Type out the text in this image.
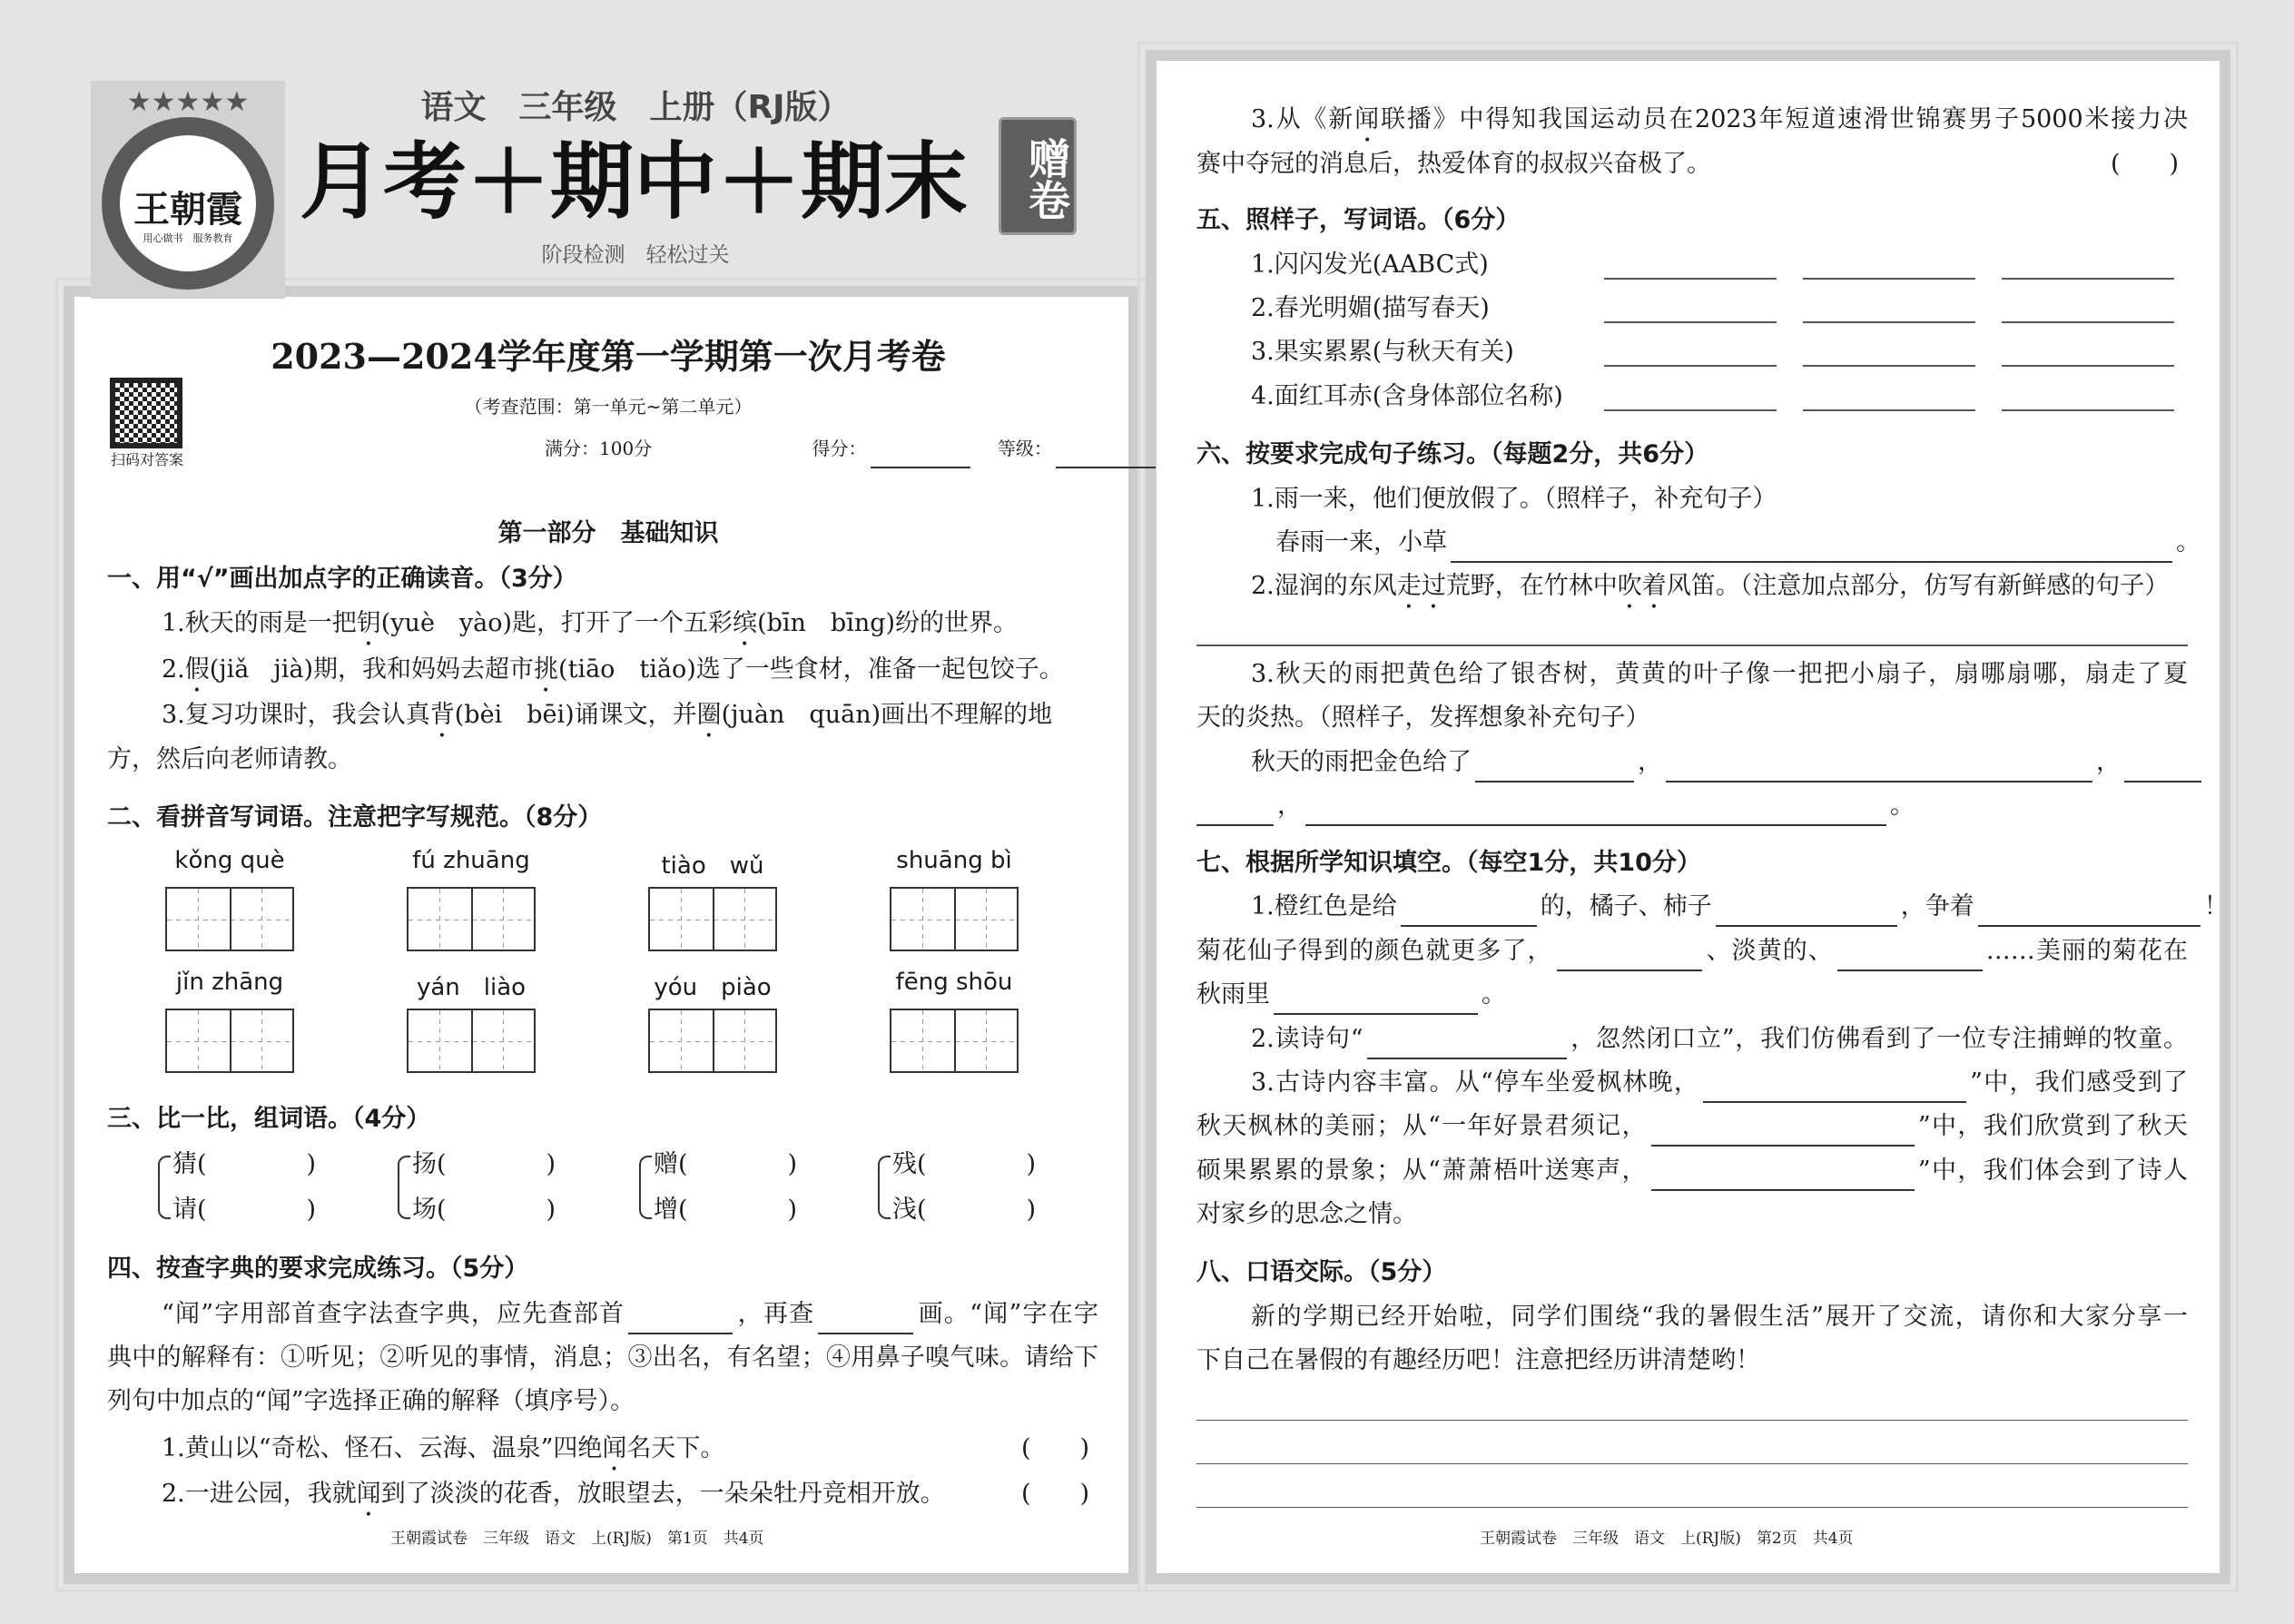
★★★★★
王朝霞
用心做书　服务教育
语文　三年级　上册（RJ版）
月考＋期中＋期末	赠卷
阶段检测　轻松过关
2023—2024学年度第一学期第一次月考卷
扫码对答案
（考查范围：第一单元~第二单元）
满分：100分	得分：	等级：
第一部分　基础知识
一、用“√”画出加点字的正确读音。（3分）
1.秋天的雨是一把钥(yuè　yào)匙，打开了一个五彩缤(bīn　bīng)纷的世界。
2.假(jiǎ　jià)期，我和妈妈去超市挑(tiāo　tiǎo)选了一些食材，准备一起包饺子。
3.复习功课时，我会认真背(bèi　bēi)诵课文，并圈(juàn　quān)画出不理解的地
方，然后向老师请教。
二、看拼音写词语。注意把字写规范。（8分）
kǒng què	fú zhuāng	tiào　wǔ	shuāng bì
jǐn zhāng	yán　liào	yóu　piào	fēng shōu
三、比一比，组词语。（4分）
猜(	)
请(	)
扬(	)
场(	)
赠(	)
增(	)
残(	)
浅(	)
四、按查字典的要求完成练习。（5分）
“闻”字用部首查字法查字典，应先查部首	，再查	画。“闻”字在字
典中的解释有：①听见；②听见的事情，消息；③出名，有名望；④用鼻子嗅气味。请给下
列句中加点的“闻”字选择正确的解释（填序号）。
1.黄山以“奇松、怪石、云海、温泉”四绝闻名天下。	(　　)
2.一进公园，我就闻到了淡淡的花香，放眼望去，一朵朵牡丹竞相开放。	(　　)
王朝霞试卷　三年级　语文　上(RJ版)　第1页　共4页
3.从《新闻联播》中得知我国运动员在2023年短道速滑世锦赛男子5000米接力决
赛中夺冠的消息后，热爱体育的叔叔兴奋极了。	(　　)
五、照样子，写词语。（6分）
1.闪闪发光(AABC式)
2.春光明媚(描写春天)
3.果实累累(与秋天有关)
4.面红耳赤(含身体部位名称)
六、按要求完成句子练习。（每题2分，共6分）
1.雨一来，他们便放假了。（照样子，补充句子）
春雨一来，小草	。
2.湿润的东风走过荒野，在竹林中吹着风笛。（注意加点部分，仿写有新鲜感的句子）
3.秋天的雨把黄色给了银杏树，黄黄的叶子像一把把小扇子，扇哪扇哪，扇走了夏
天的炎热。（照样子，发挥想象补充句子）
秋天的雨把金色给了	，	，
，	。
七、根据所学知识填空。（每空1分，共10分）
1.橙红色是给	的，橘子、柿子	，争着	！
菊花仙子得到的颜色就更多了，	、淡黄的、	……美丽的菊花在
秋雨里	。
2.读诗句“	，忽然闭口立”，我们仿佛看到了一位专注捕蝉的牧童。
3.古诗内容丰富。从“停车坐爱枫林晚，	”中，我们感受到了
秋天枫林的美丽；从“一年好景君须记，	”中，我们欣赏到了秋天
硕果累累的景象；从“萧萧梧叶送寒声，	”中，我们体会到了诗人
对家乡的思念之情。
八、口语交际。（5分）
新的学期已经开始啦，同学们围绕“我的暑假生活”展开了交流，请你和大家分享一
下自己在暑假的有趣经历吧！注意把经历讲清楚哟！
王朝霞试卷　三年级　语文　上(RJ版)　第2页　共4页
